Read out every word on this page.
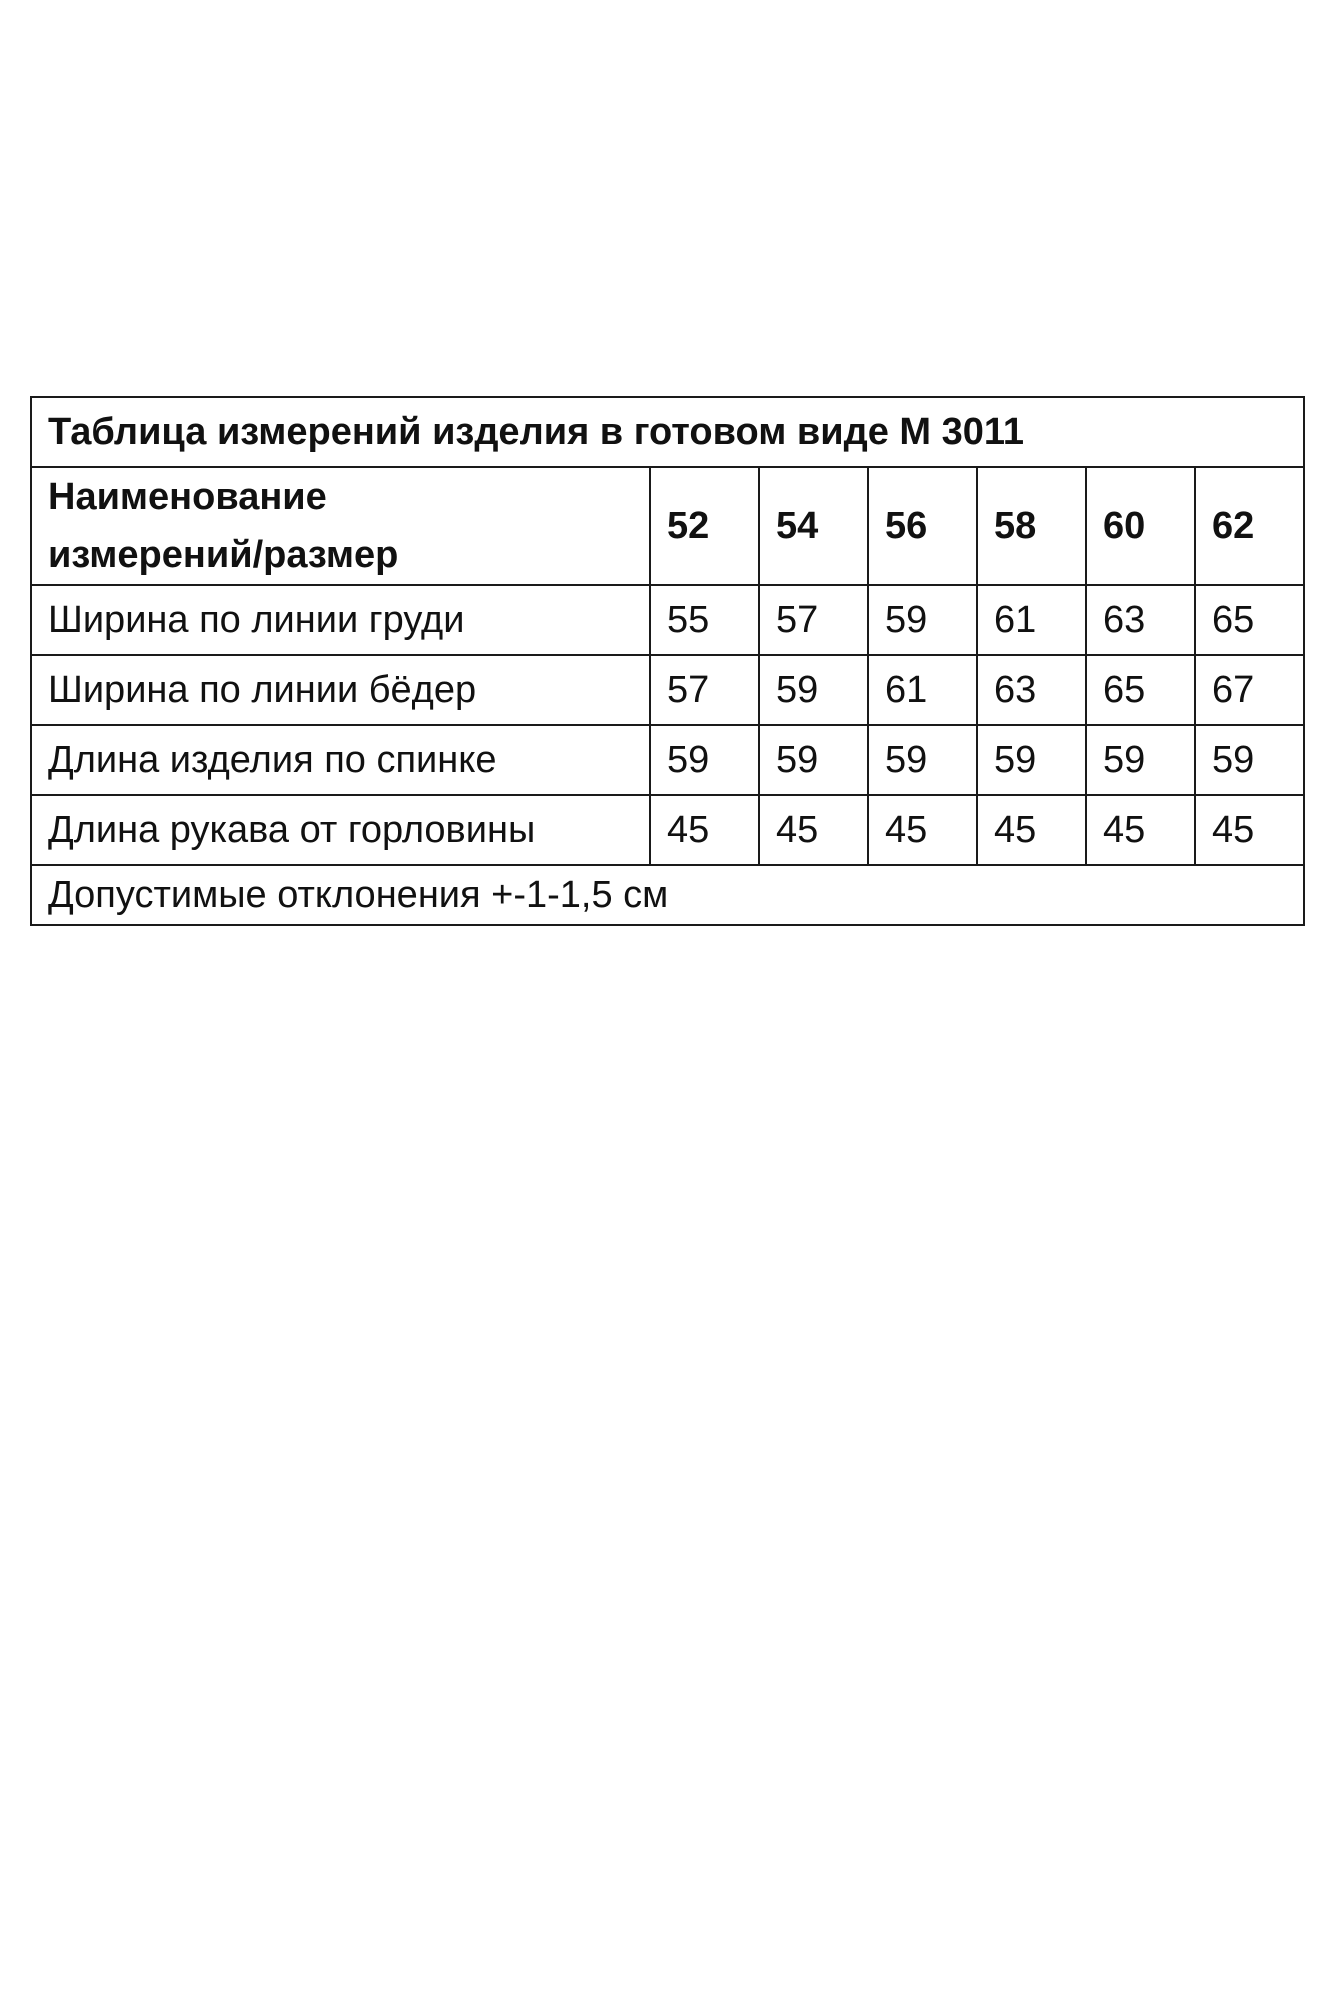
Таблица измерений изделия в готовом виде М 3011						

Наименование
измерений/размер	52	54	56	58	60	62
Ширина по линии груди	55	57	59	61	63	65
Ширина по линии бёдер	57	59	61	63	65	67
Длина изделия по спинке	59	59	59	59	59	59
Длина рукава от горловины	45	45	45	45	45	45
Допустимые отклонения +-1-1,5 см						
